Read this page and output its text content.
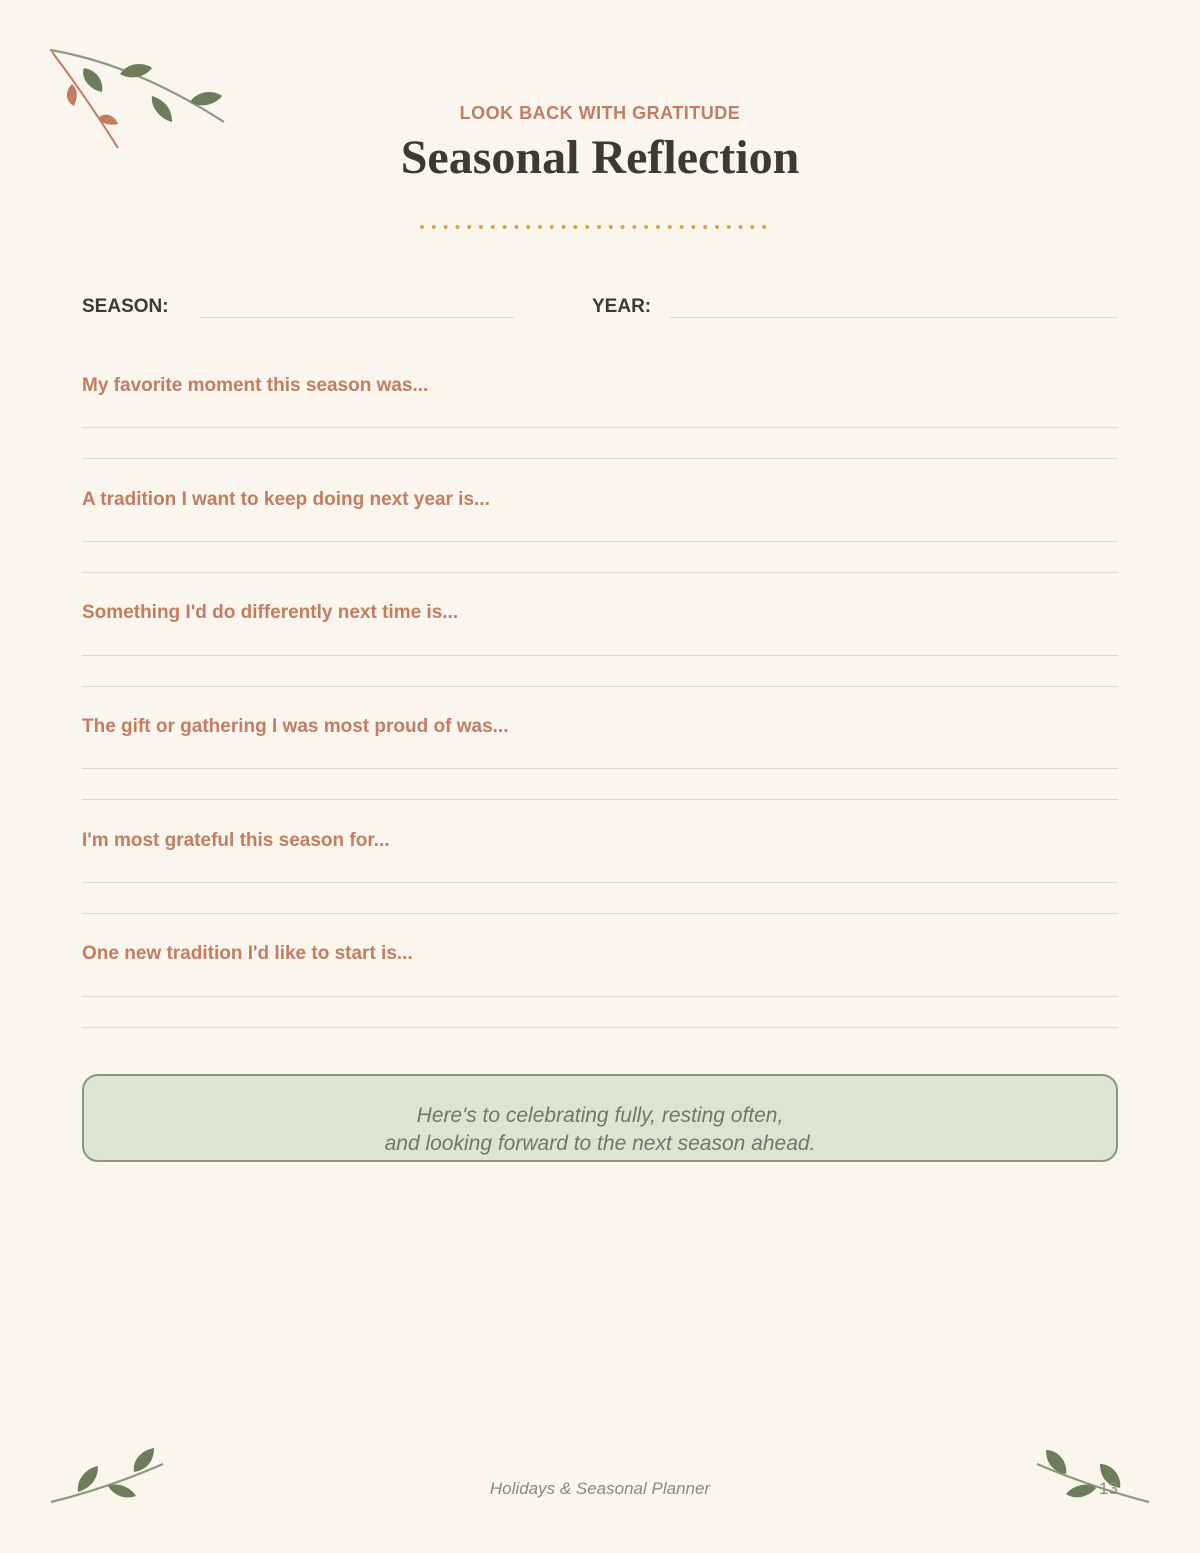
LOOK BACK WITH GRATITUDE
Seasonal Reflection
SEASON:	YEAR:
My favorite moment this season was...
A tradition I want to keep doing next year is...
Something I'd do differently next time is...
The gift or gathering I was most proud of was...
I'm most grateful this season for...
One new tradition I'd like to start is...
Here's to celebrating fully, resting often,
and looking forward to the next season ahead.
Holidays & Seasonal Planner	13
